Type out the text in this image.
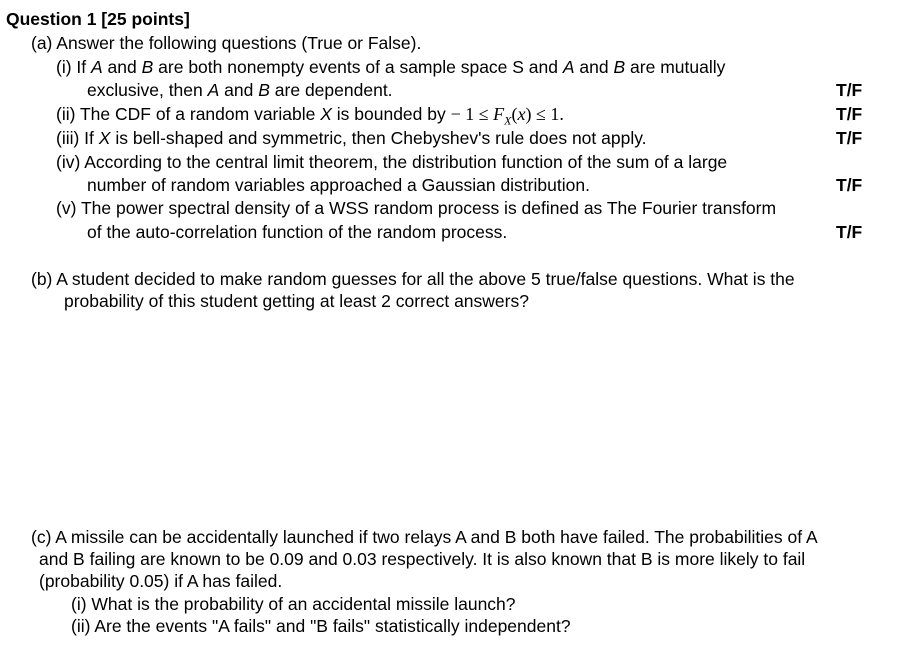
Question 1 [25 points]
(a) Answer the following questions (True or False).
(i) If A and B are both nonempty events of a sample space S and A and B are mutually
exclusive, then A and B are dependent.	T/F
(ii) The CDF of a random variable X is bounded by − $1 \le F_X(x) \le 1$.	T/F
(iii) If X is bell-shaped and symmetric, then Chebyshev's rule does not apply.	T/F
(iv) According to the central limit theorem, the distribution function of the sum of a large
number of random variables approached a Gaussian distribution.	T/F
(v) The power spectral density of a WSS random process is defined as The Fourier transform
of the auto-correlation function of the random process.	T/F
(b) A student decided to make random guesses for all the above 5 true/false questions. What is the
probability of this student getting at least 2 correct answers?
(c) A missile can be accidentally launched if two relays A and B both have failed. The probabilities of A
and B failing are known to be 0.09 and 0.03 respectively. It is also known that B is more likely to fail
(probability 0.05) if A has failed.
(i) What is the probability of an accidental missile launch?
(ii) Are the events "A fails" and "B fails" statistically independent?
